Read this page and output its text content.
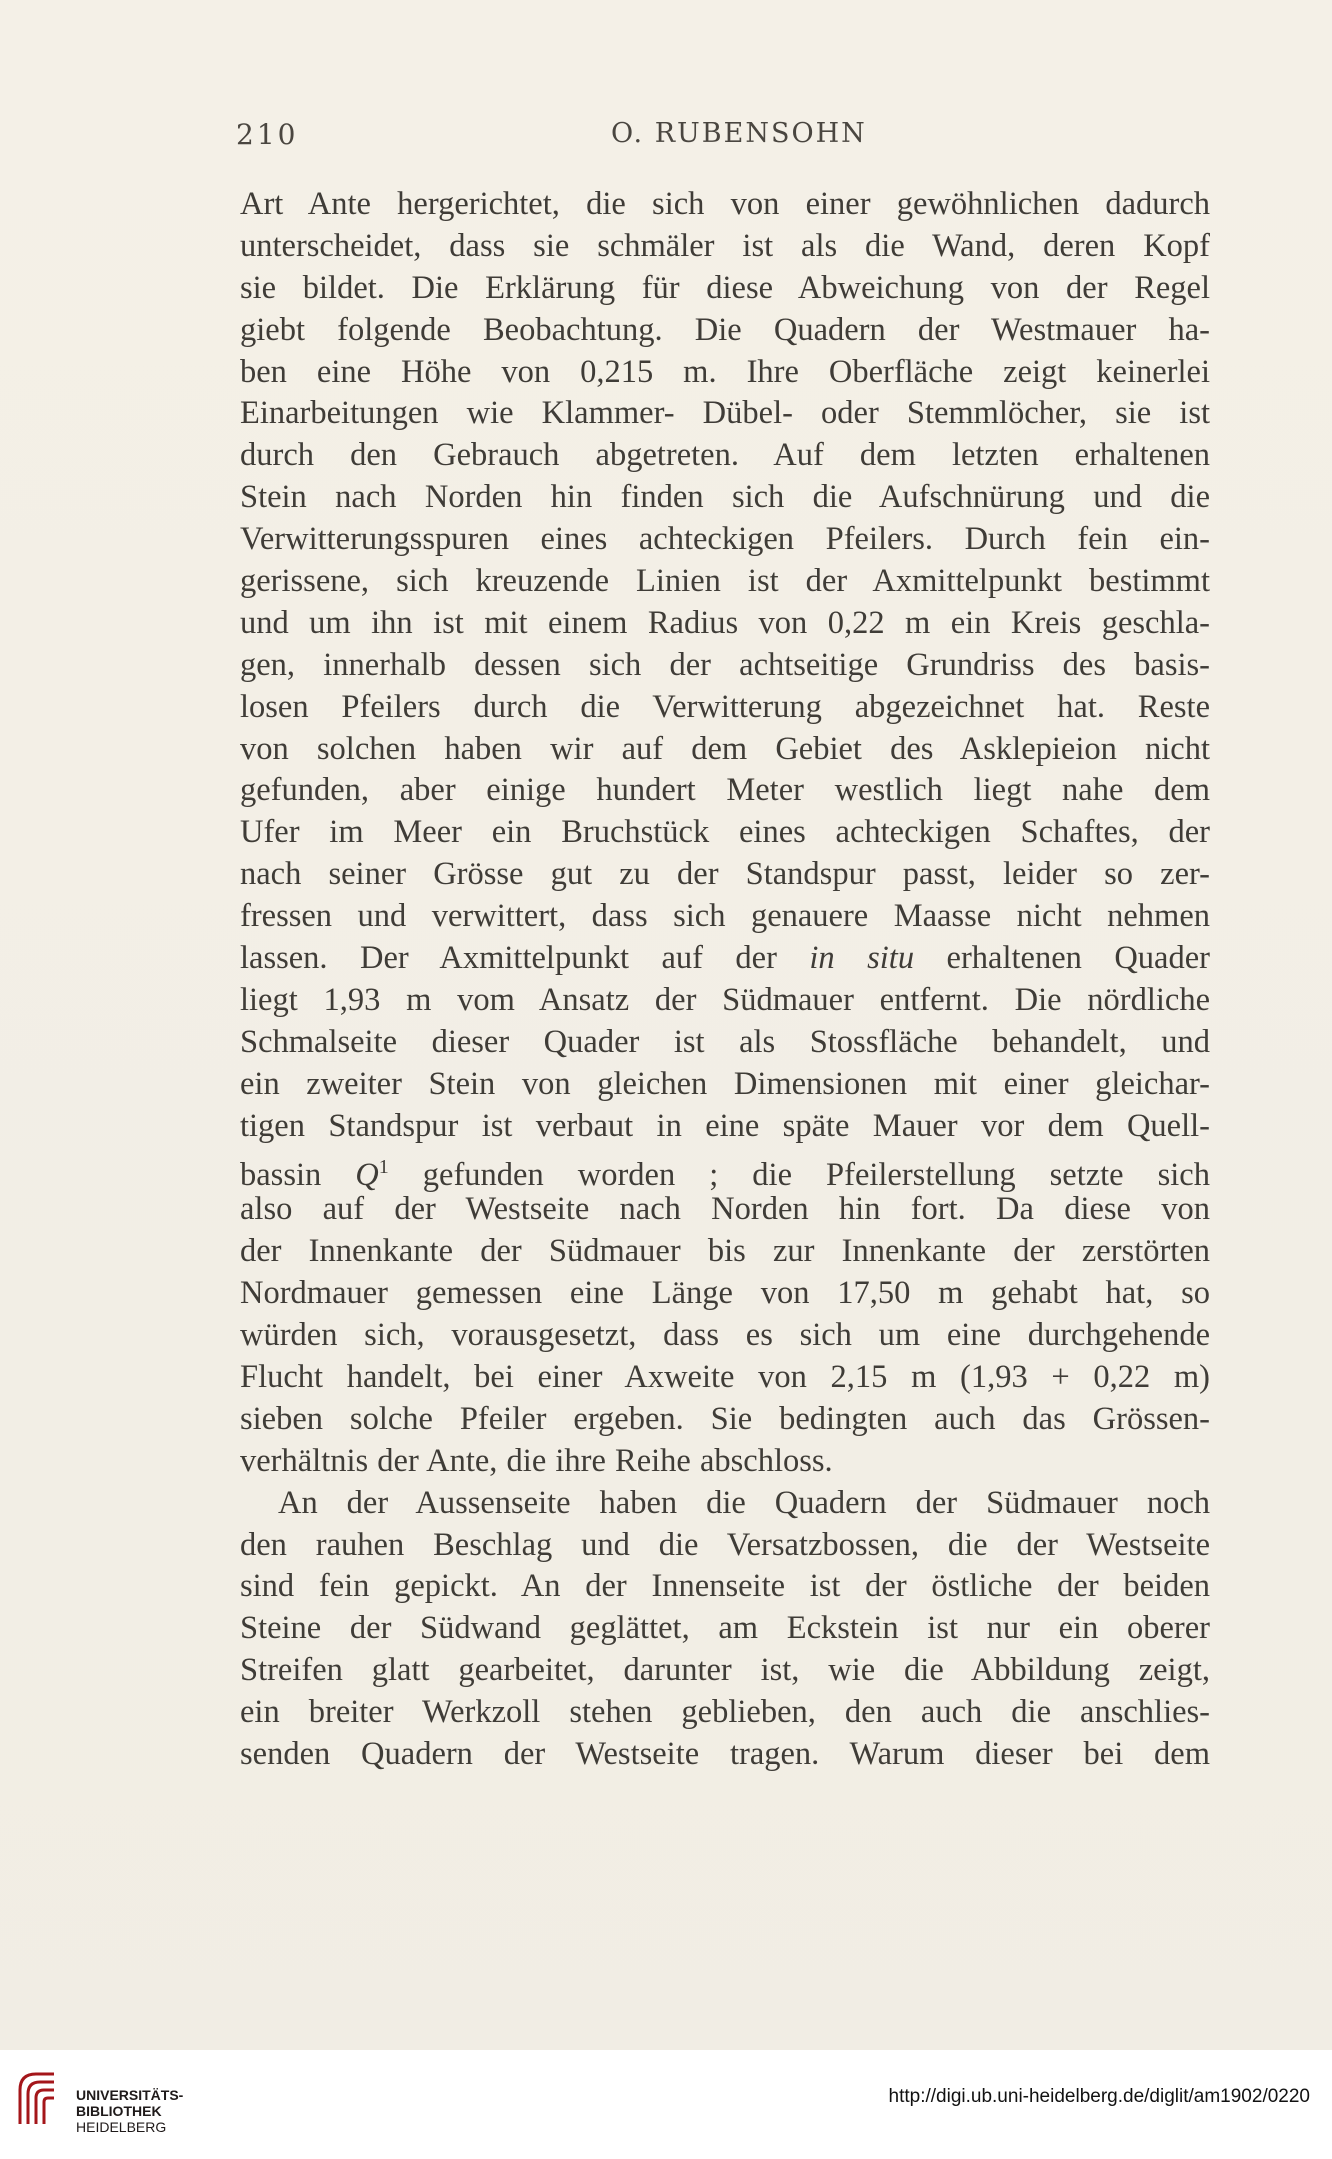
210	O. RUBENSOHN
Art Ante hergerichtet, die sich von einer gewöhnlichen dadurch
unterscheidet, dass sie schmäler ist als die Wand, deren Kopf
sie bildet. Die Erklärung für diese Abweichung von der Regel
giebt folgende Beobachtung. Die Quadern der Westmauer ha-
ben eine Höhe von 0,215 m. Ihre Oberfläche zeigt keinerlei
Einarbeitungen wie Klammer- Dübel- oder Stemmlöcher, sie ist
durch den Gebrauch abgetreten. Auf dem letzten erhaltenen
Stein nach Norden hin finden sich die Aufschnürung und die
Verwitterungsspuren eines achteckigen Pfeilers. Durch fein ein-
gerissene, sich kreuzende Linien ist der Axmittelpunkt bestimmt
und um ihn ist mit einem Radius von 0,22 m ein Kreis geschla-
gen, innerhalb dessen sich der achtseitige Grundriss des basis-
losen Pfeilers durch die Verwitterung abgezeichnet hat. Reste
von solchen haben wir auf dem Gebiet des Asklepieion nicht
gefunden, aber einige hundert Meter westlich liegt nahe dem
Ufer im Meer ein Bruchstück eines achteckigen Schaftes, der
nach seiner Grösse gut zu der Standspur passt, leider so zer-
fressen und verwittert, dass sich genauere Maasse nicht nehmen
lassen. Der Axmittelpunkt auf der in situ erhaltenen Quader
liegt 1,93 m vom Ansatz der Südmauer entfernt. Die nördliche
Schmalseite dieser Quader ist als Stossfläche behandelt, und
ein zweiter Stein von gleichen Dimensionen mit einer gleichar-
tigen Standspur ist verbaut in eine späte Mauer vor dem Quell-
bassin $Q^1$ gefunden worden ; die Pfeilerstellung setzte sich
also auf der Westseite nach Norden hin fort. Da diese von
der Innenkante der Südmauer bis zur Innenkante der zerstörten
Nordmauer gemessen eine Länge von 17,50 m gehabt hat, so
würden sich, vorausgesetzt, dass es sich um eine durchgehende
Flucht handelt, bei einer Axweite von 2,15 m (1,93 + 0,22 m)
sieben solche Pfeiler ergeben. Sie bedingten auch das Grössen-
verhältnis der Ante, die ihre Reihe abschloss.
An der Aussenseite haben die Quadern der Südmauer noch
den rauhen Beschlag und die Versatzbossen, die der Westseite
sind fein gepickt. An der Innenseite ist der östliche der beiden
Steine der Südwand geglättet, am Eckstein ist nur ein oberer
Streifen glatt gearbeitet, darunter ist, wie die Abbildung zeigt,
ein breiter Werkzoll stehen geblieben, den auch die anschlies-
senden Quadern der Westseite tragen. Warum dieser bei dem
UNIVERSITÄTS-
BIBLIOTHEK
HEIDELBERG
http://digi.ub.uni-heidelberg.de/diglit/am1902/0220
